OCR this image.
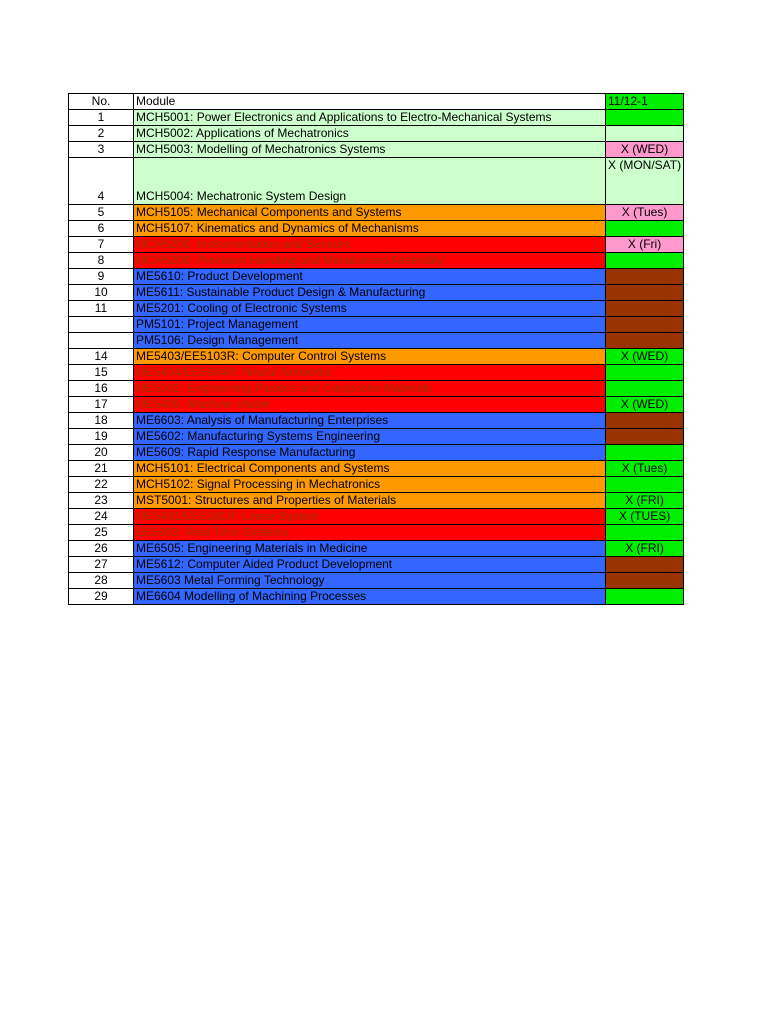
No.	Module	11/12-1
1	MCH5001: Power Electronics and Applications to Electro-Mechanical Systems	
2	MCH5002: Applications of Mechatronics	
3	MCH5003: Modelling of Mechatronics Systems	X (WED)
4	MCH5004: Mechatronic System Design	X (MON/SAT)
5	MCH5105: Mechanical Components and Systems	X (Tues)
6	MCH5107: Kinematics and Dynamics of Mechanisms	
7	MCH5206: Instrumentation and Sensors	X (Fri)
8	MCH5208: Precision Handling and Miniaturised Assembly	
9	ME5610: Product Development	
10	ME5611: Sustainable Product Design & Manufacturing	
11	ME5201: Cooling of Electronic Systems	
	PM5101: Project Management	
	PM5106: Design Management	
14	ME5403/EE5103R: Computer Control Systems	X (WED)
15	ME5404/EE5904R: Neural Networks	
16	ME5502: Engineering Plastics and Composite Materials	
17	ME5405: Machine Vision	X (WED)
18	ME6603: Analysis of Manufacturing Enterprises	
19	ME5602: Manufacturing Systems Engineering	
20	ME5609: Rapid Response Manufacturing	
21	MCH5101: Electrical Components and Systems	X (Tues)
22	MCH5102: Signal Processing in Mechatronics	
23	MST5001: Structures and Properties of Materials	X (FRI)
24	ME5401/EE5101R: Linear System	X (TUES)
25	EE5903: Real Time Systems	
26	ME6505: Engineering Materials in Medicine	X (FRI)
27	ME5612: Computer Aided Product Development	
28	ME5603 Metal Forming Technology	
29	ME6604 Modelling of Machining Processes	
